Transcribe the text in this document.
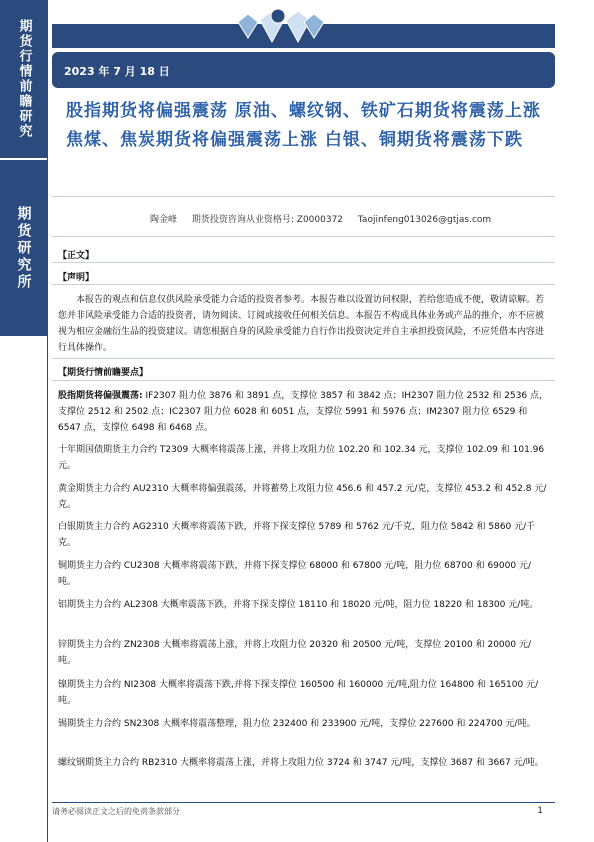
期货行情前瞻研究
期货研究所
2023 年 7 月 18 日
股指期货将偏强震荡 原油、螺纹钢、铁矿石期货将震荡上涨 焦煤、焦炭期货将偏强震荡上涨 白银、铜期货将震荡下跌
陶金峰 期货投资咨询从业资格号: Z0000372 Taojinfeng013026@gtjas.com
【正文】
【声明】
本报告的观点和信息仅供风险承受能力合适的投资者参考。本报告难以设置访问权限，若给您造成不便，敬请谅解。若您并非风险承受能力合适的投资者，请勿阅读、订阅或接收任何相关信息。本报告不构成具体业务或产品的推介，亦不应被视为相应金融衍生品的投资建议。请您根据自身的风险承受能力自行作出投资决定并自主承担投资风险，不应凭借本内容进行具体操作。
【期货行情前瞻要点】
股指期货将偏强震荡: IF2307 阻力位 3876 和 3891 点，支撑位 3857 和 3842 点；IH2307 阻力位 2532 和 2536 点，支撑位 2512 和 2502 点；IC2307 阻力位 6028 和 6051 点，支撑位 5991 和 5976 点；IM2307 阻力位 6529 和 6547 点，支撑位 6498 和 6468 点。
十年期国债期货主力合约 T2309 大概率将震荡上涨，并将上攻阻力位 102.20 和 102.34 元，支撑位 102.09 和 101.96 元。
黄金期货主力合约 AU2310 大概率将偏强震荡，并将蓄势上攻阻力位 456.6 和 457.2 元/克，支撑位 453.2 和 452.8 元/克。
白银期货主力合约 AG2310 大概率将震荡下跌，并将下探支撑位 5789 和 5762 元/千克，阻力位 5842 和 5860 元/千克。
铜期货主力合约 CU2308 大概率将震荡下跌，并将下探支撑位 68000 和 67800 元/吨，阻力位 68700 和 69000 元/吨。
铝期货主力合约 AL2308 大概率震荡下跌，并将下探支撑位 18110 和 18020 元/吨，阻力位 18220 和 18300 元/吨。
锌期货主力合约 ZN2308 大概率将震荡上涨，并将上攻阻力位 20320 和 20500 元/吨，支撑位 20100 和 20000 元/吨。
镍期货主力合约 NI2308 大概率将震荡下跌,并将下探支撑位 160500 和 160000 元/吨,阻力位 164800 和 165100 元/吨。
锡期货主力合约 SN2308 大概率将震荡整理，阻力位 232400 和 233900 元/吨，支撑位 227600 和 224700 元/吨。
螺纹钢期货主力合约 RB2310 大概率将震荡上涨，并将上攻阻力位 3724 和 3747 元/吨，支撑位 3687 和 3667 元/吨。
请务必阅读正文之后的免责条款部分	1
